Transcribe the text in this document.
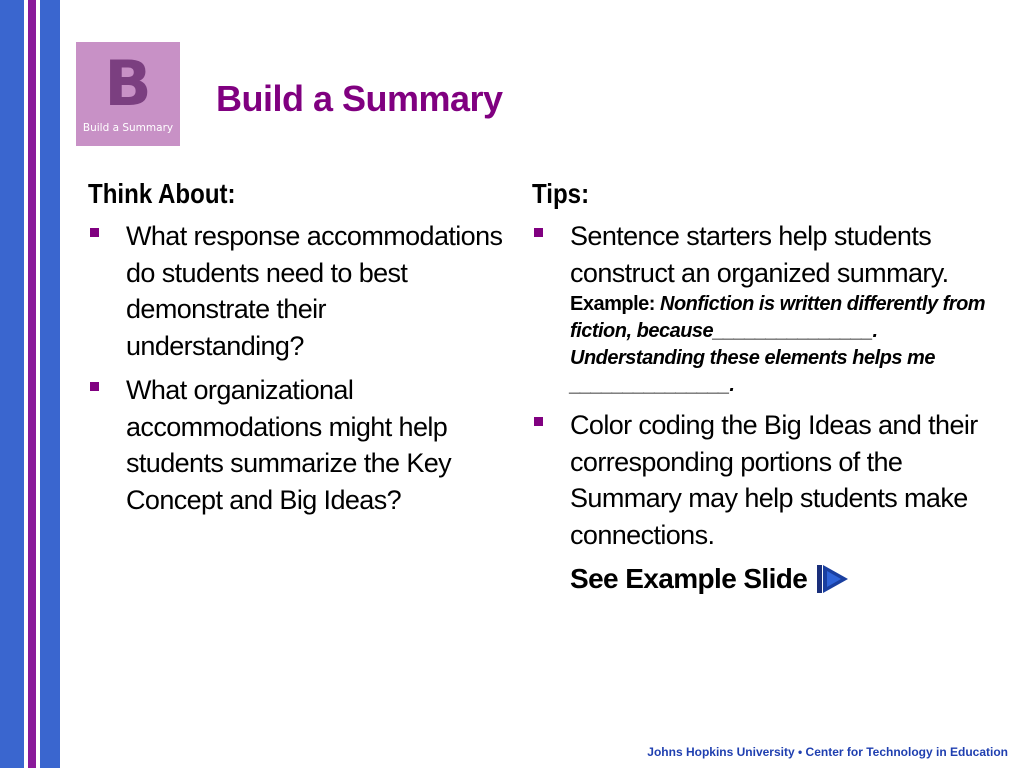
B
Build a Summary
Build a Summary
Think About:
What response accommodations do students need to best demonstrate their understanding?
What organizational accommodations might help students summarize the Key Concept and Big Ideas?
Tips:
Sentence starters help students construct an organized summary.
Example: Nonfiction is written differently from fiction, because_______________. Understanding these elements helps me _______________.
Color coding the Big Ideas and their corresponding portions of the Summary may help students make connections.
See Example Slide
Johns Hopkins University • Center for Technology in Education
